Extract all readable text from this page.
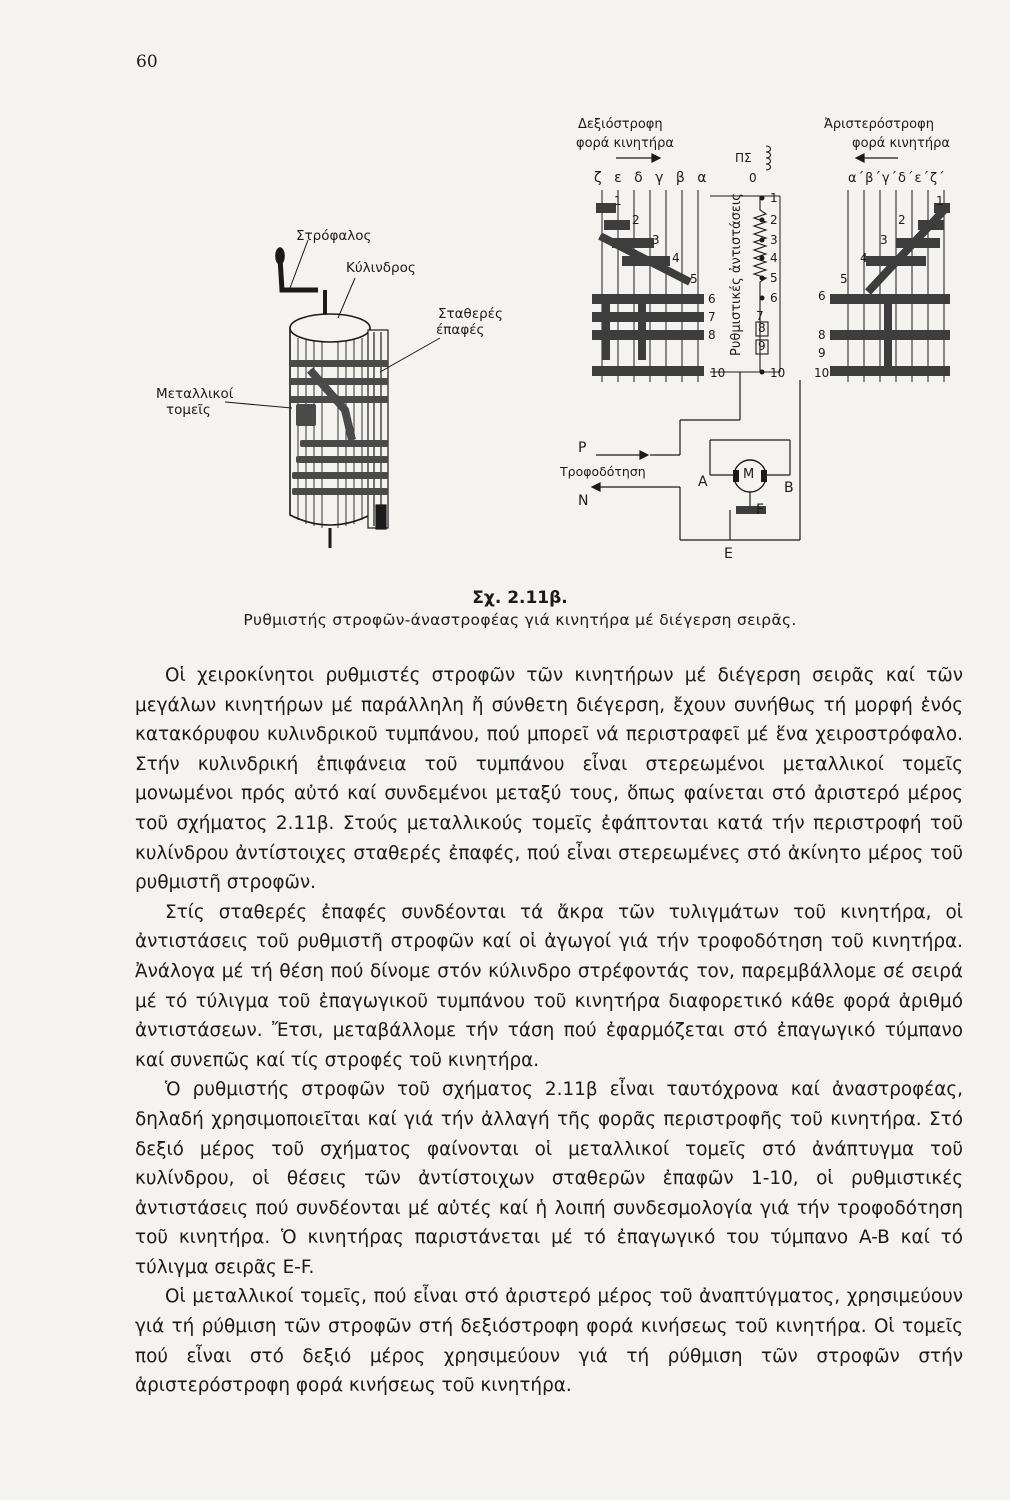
60
Στρόφαλος
Κύλινδρος
Σταθερές
έπαφές
Μεταλλικοί
τομεῖς
Δεξιόστροφη
φορά κινητήρα
Ἀριστερόστροφη
φορά κινητήρα
ζ ε δ γ β α	α΄β΄γ΄δ΄ε΄ζ΄
ΠΣ
0
1
2
3
4
5
6
7
8
10
Ρυθμιστικές ἀντιστάσεις 1
2
3
4
5
6
7
8
9
10
1
2
3
4
5
6
8
9
10
M
P
Τροφοδότηση
N
A	B
F
E
Σχ. 2.11β.
Ρυθμιστής στροφῶν-άναστροφέας γιά κινητήρα μέ διέγερση σειρᾶς.

Οἱ χειροκίνητοι ρυθμιστές στροφῶν τῶν κινητήρων μέ διέγερση σειρᾶς καί τῶν μεγάλων κινητήρων μέ παράλληλη ἤ σύνθετη διέγερση, ἔχουν συνήθως τή μορφή ἑνός κατακόρυφου κυλινδρικοῦ τυμπάνου, πού μπορεῖ νά περιστραφεῖ μέ ἕνα χειροστρόφαλο. Στήν κυλινδρική ἐπιφάνεια τοῦ τυμπάνου εἶναι στερεωμένοι μεταλλικοί τομεῖς μονωμένοι πρός αὐτό καί συνδεμένοι μεταξύ τους, ὅπως φαίνεται στό ἀριστερό μέρος τοῦ σχήματος 2.11β. Στούς μεταλλικούς τομεῖς ἐφάπτονται κατά τήν περιστροφή τοῦ κυλίνδρου ἀντίστοιχες σταθερές ἐπαφές, πού εἶναι στερεωμένες στό ἀκίνητο μέρος τοῦ ρυθμιστῆ στροφῶν.

Στίς σταθερές ἐπαφές συνδέονται τά ἄκρα τῶν τυλιγμάτων τοῦ κινητήρα, οἱ ἀντιστάσεις τοῦ ρυθμιστῆ στροφῶν καί οἱ ἀγωγοί γιά τήν τροφοδότηση τοῦ κινητήρα. Ἀνάλογα μέ τή θέση πού δίνομε στόν κύλινδρο στρέφοντάς τον, παρεμβάλλομε σέ σειρά μέ τό τύλιγμα τοῦ ἐπαγωγικοῦ τυμπάνου τοῦ κινητήρα διαφορετικό κάθε φορά ἀριθμό ἀντιστάσεων. Ἔτσι, μεταβάλλομε τήν τάση πού ἐφαρμόζεται στό ἐπαγωγικό τύμπανο καί συνεπῶς καί τίς στροφές τοῦ κινητήρα.

Ὁ ρυθμιστής στροφῶν τοῦ σχήματος 2.11β εἶναι ταυτόχρονα καί ἀναστροφέας, δηλαδή χρησιμοποιεῖται καί γιά τήν ἀλλαγή τῆς φορᾶς περιστροφῆς τοῦ κινητήρα. Στό δεξιό μέρος τοῦ σχήματος φαίνονται οἱ μεταλλικοί τομεῖς στό ἀνάπτυγμα τοῦ κυλίνδρου, οἱ θέσεις τῶν ἀντίστοιχων σταθερῶν ἐπαφῶν 1-10, οἱ ρυθμιστικές ἀντιστάσεις πού συνδέονται μέ αὐτές καί ἡ λοιπή συνδεσμολογία γιά τήν τροφοδότηση τοῦ κινητήρα. Ὁ κινητήρας παριστάνεται μέ τό ἐπαγωγικό του τύμπανο A-B καί τό τύλιγμα σειρᾶς E-F.

Οἱ μεταλλικοί τομεῖς, πού εἶναι στό ἀριστερό μέρος τοῦ ἀναπτύγματος, χρησιμεύουν γιά τή ρύθμιση τῶν στροφῶν στή δεξιόστροφη φορά κινήσεως τοῦ κινητήρα. Οἱ τομεῖς πού εἶναι στό δεξιό μέρος χρησιμεύουν γιά τή ρύθμιση τῶν στροφῶν στήν ἀριστερόστροφη φορά κινήσεως τοῦ κινητήρα.
